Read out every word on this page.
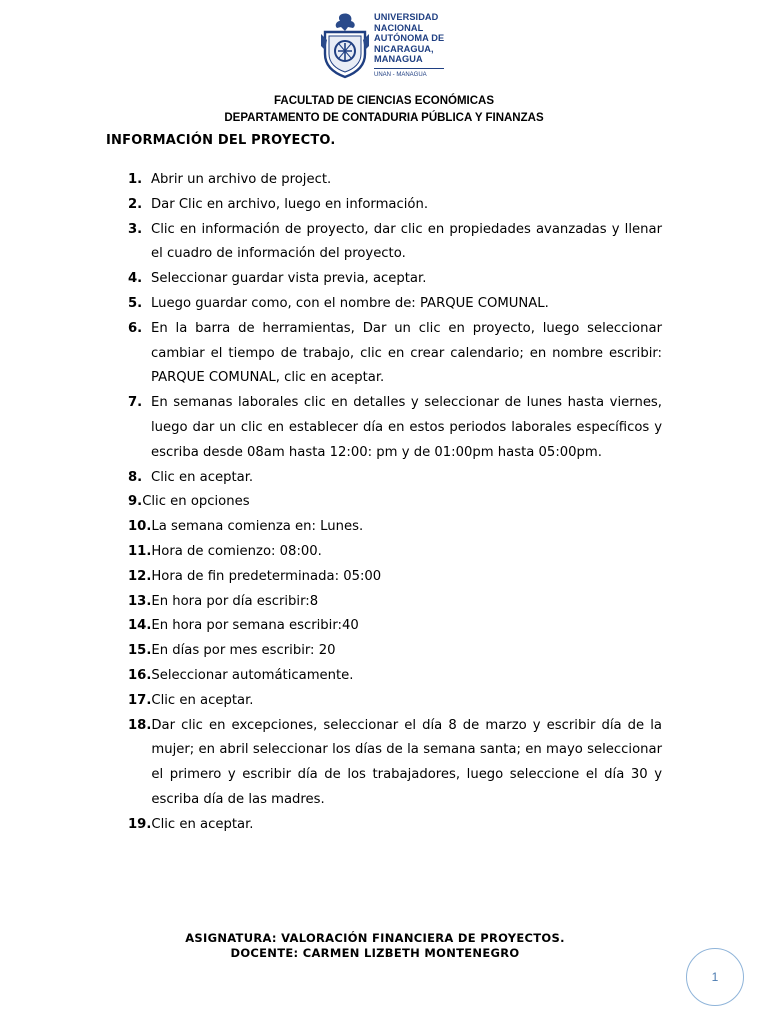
UNIVERSIDAD
NACIONAL
AUTÓNOMA DE
NICARAGUA,
MANAGUA
UNAN - MANAGUA
FACULTAD DE CIENCIAS ECONÓMICAS
DEPARTAMENTO DE CONTADURIA PÚBLICA Y FINANZAS
INFORMACIÓN DEL PROYECTO.
1. Abrir un archivo de project.
2. Dar Clic en archivo, luego en información.
3. Clic en información de proyecto, dar clic en propiedades avanzadas y llenar el cuadro de información del proyecto.
4. Seleccionar guardar vista previa, aceptar.
5. Luego guardar como, con el nombre de: PARQUE COMUNAL.
6. En la barra de herramientas, Dar un clic en proyecto, luego seleccionar cambiar el tiempo de trabajo, clic en crear calendario; en nombre escribir: PARQUE COMUNAL, clic en aceptar.
7. En semanas laborales clic en detalles y seleccionar de lunes hasta viernes, luego dar un clic en establecer día en estos periodos laborales específicos y escriba desde 08am hasta 12:00: pm y de 01:00pm hasta 05:00pm.
8. Clic en aceptar.
9. Clic en opciones
10. La semana comienza en: Lunes.
11. Hora de comienzo: 08:00.
12. Hora de fin predeterminada: 05:00
13. En hora por día escribir:8
14. En hora por semana escribir:40
15. En días por mes escribir: 20
16. Seleccionar automáticamente.
17. Clic en aceptar.
18. Dar clic en excepciones, seleccionar el día 8 de marzo y escribir día de la mujer; en abril seleccionar los días de la semana santa; en mayo seleccionar el primero y escribir día de los trabajadores, luego seleccione el día 30 y escriba día de las madres.
19. Clic en aceptar.
ASIGNATURA: VALORACIÓN FINANCIERA DE PROYECTOS.
DOCENTE: CARMEN LIZBETH MONTENEGRO
1
